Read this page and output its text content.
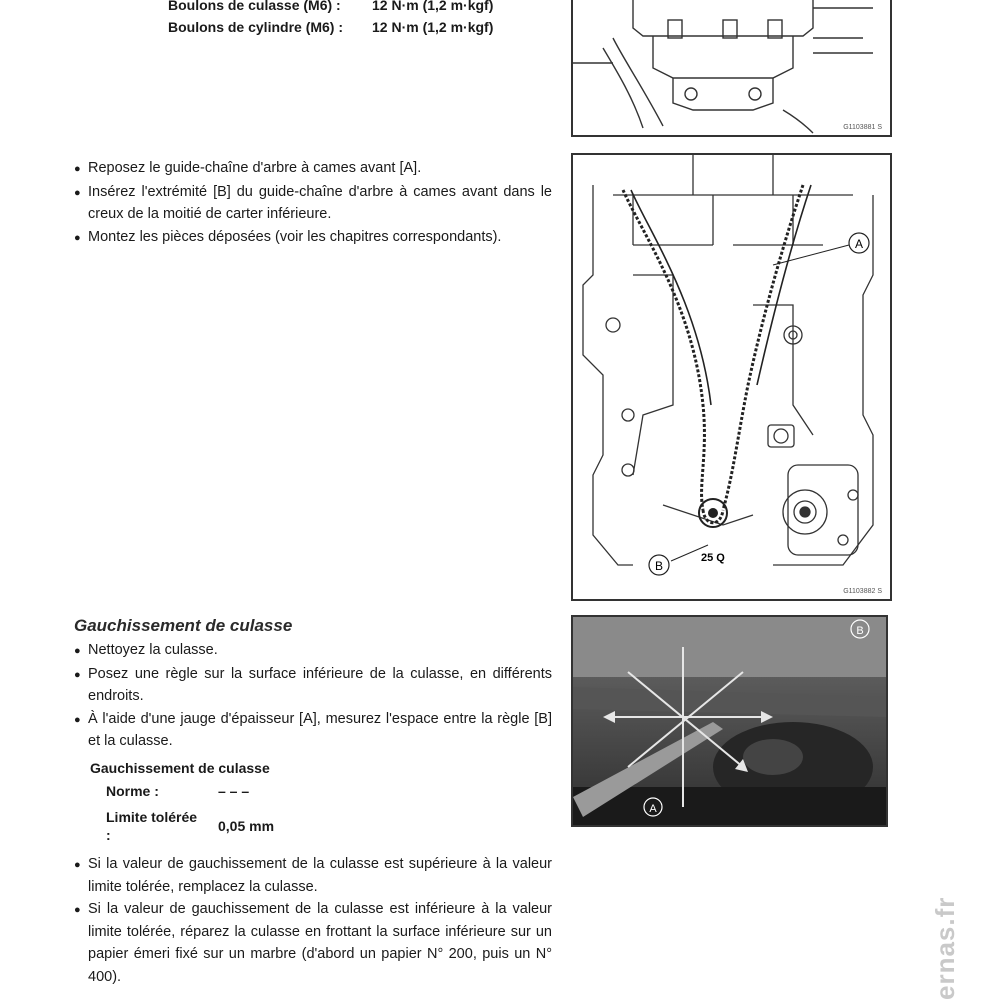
Boulons de culasse (M6) :	12 N·m (1,2 m·kgf)
Boulons de cylindre (M6) :	12 N·m (1,2 m·kgf)
G1103881 S
● Reposez le guide-chaîne d'arbre à cames avant [A].
● Insérez l'extrémité [B] du guide-chaîne d'arbre à cames avant dans le creux de la moitié de carter inférieure.
● Montez les pièces déposées (voir les chapitres correspondants).	A
B
25 Q
G1103882 S
Gauchissement de culasse
● Nettoyez la culasse.
● Posez une règle sur la surface inférieure de la culasse, en différents endroits.
● À l'aide d'une jauge d'épaisseur [A], mesurez l'espace entre la règle [B] et la culasse.
Gauchissement de culasse
Norme :	– – –
Limite tolérée :
0,05 mm
B
A
● Si la valeur de gauchissement de la culasse est supérieure à la valeur limite tolérée, remplacez la culasse.
● Si la valeur de gauchissement de la culasse est inférieure à la valeur limite tolérée, réparez la culasse en frottant la surface inférieure sur un papier émeri fixé sur un marbre (d'abord un papier N° 200, puis un N° 400).	ernas.fr
